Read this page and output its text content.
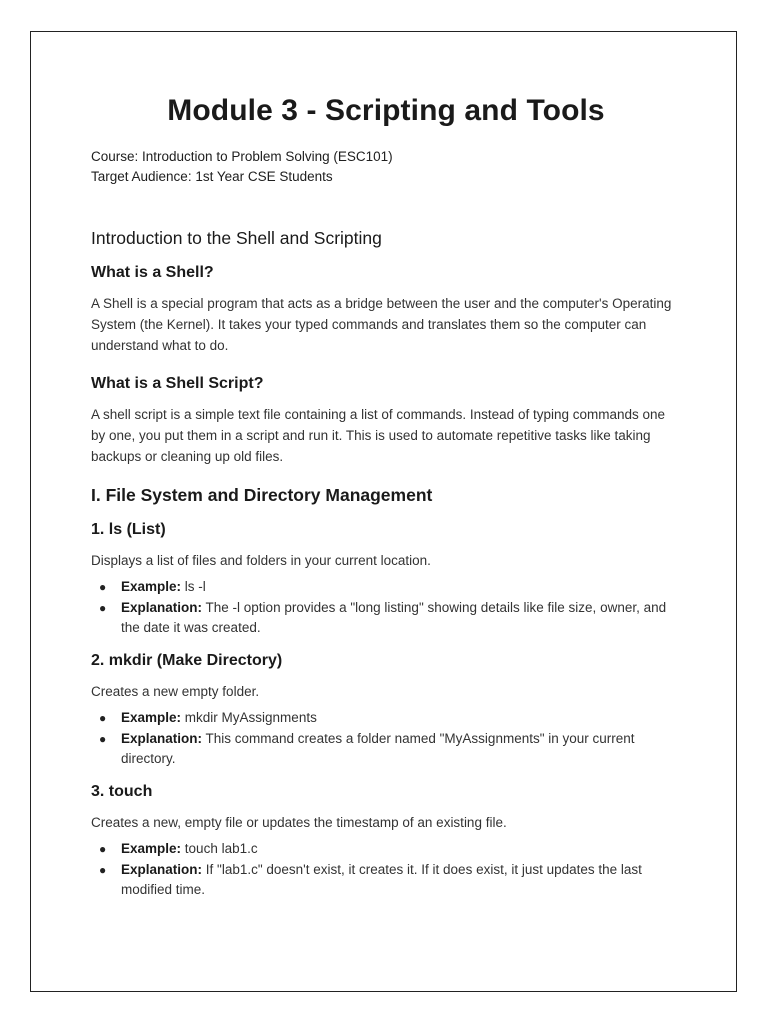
Module 3 - Scripting and Tools
Course: Introduction to Problem Solving (ESC101)
Target Audience: 1st Year CSE Students
Introduction to the Shell and Scripting
What is a Shell?

A Shell is a special program that acts as a bridge between the user and the computer's Operating System (the Kernel). It takes your typed commands and translates them so the computer can understand what to do.

What is a Shell Script?

A shell script is a simple text file containing a list of commands. Instead of typing commands one by one, you put them in a script and run it. This is used to automate repetitive tasks like taking backups or cleaning up old files.

I. File System and Directory Management
1. ls (List)

Displays a list of files and folders in your current location.

● Example: ls -l
● Explanation: The -l option provides a "long listing" showing details like file size, owner, and the date it was created.
2. mkdir (Make Directory)

Creates a new empty folder.

● Example: mkdir MyAssignments
● Explanation: This command creates a folder named "MyAssignments" in your current directory.
3. touch

Creates a new, empty file or updates the timestamp of an existing file.

● Example: touch lab1.c
● Explanation: If "lab1.c" doesn't exist, it creates it. If it does exist, it just updates the last modified time.
